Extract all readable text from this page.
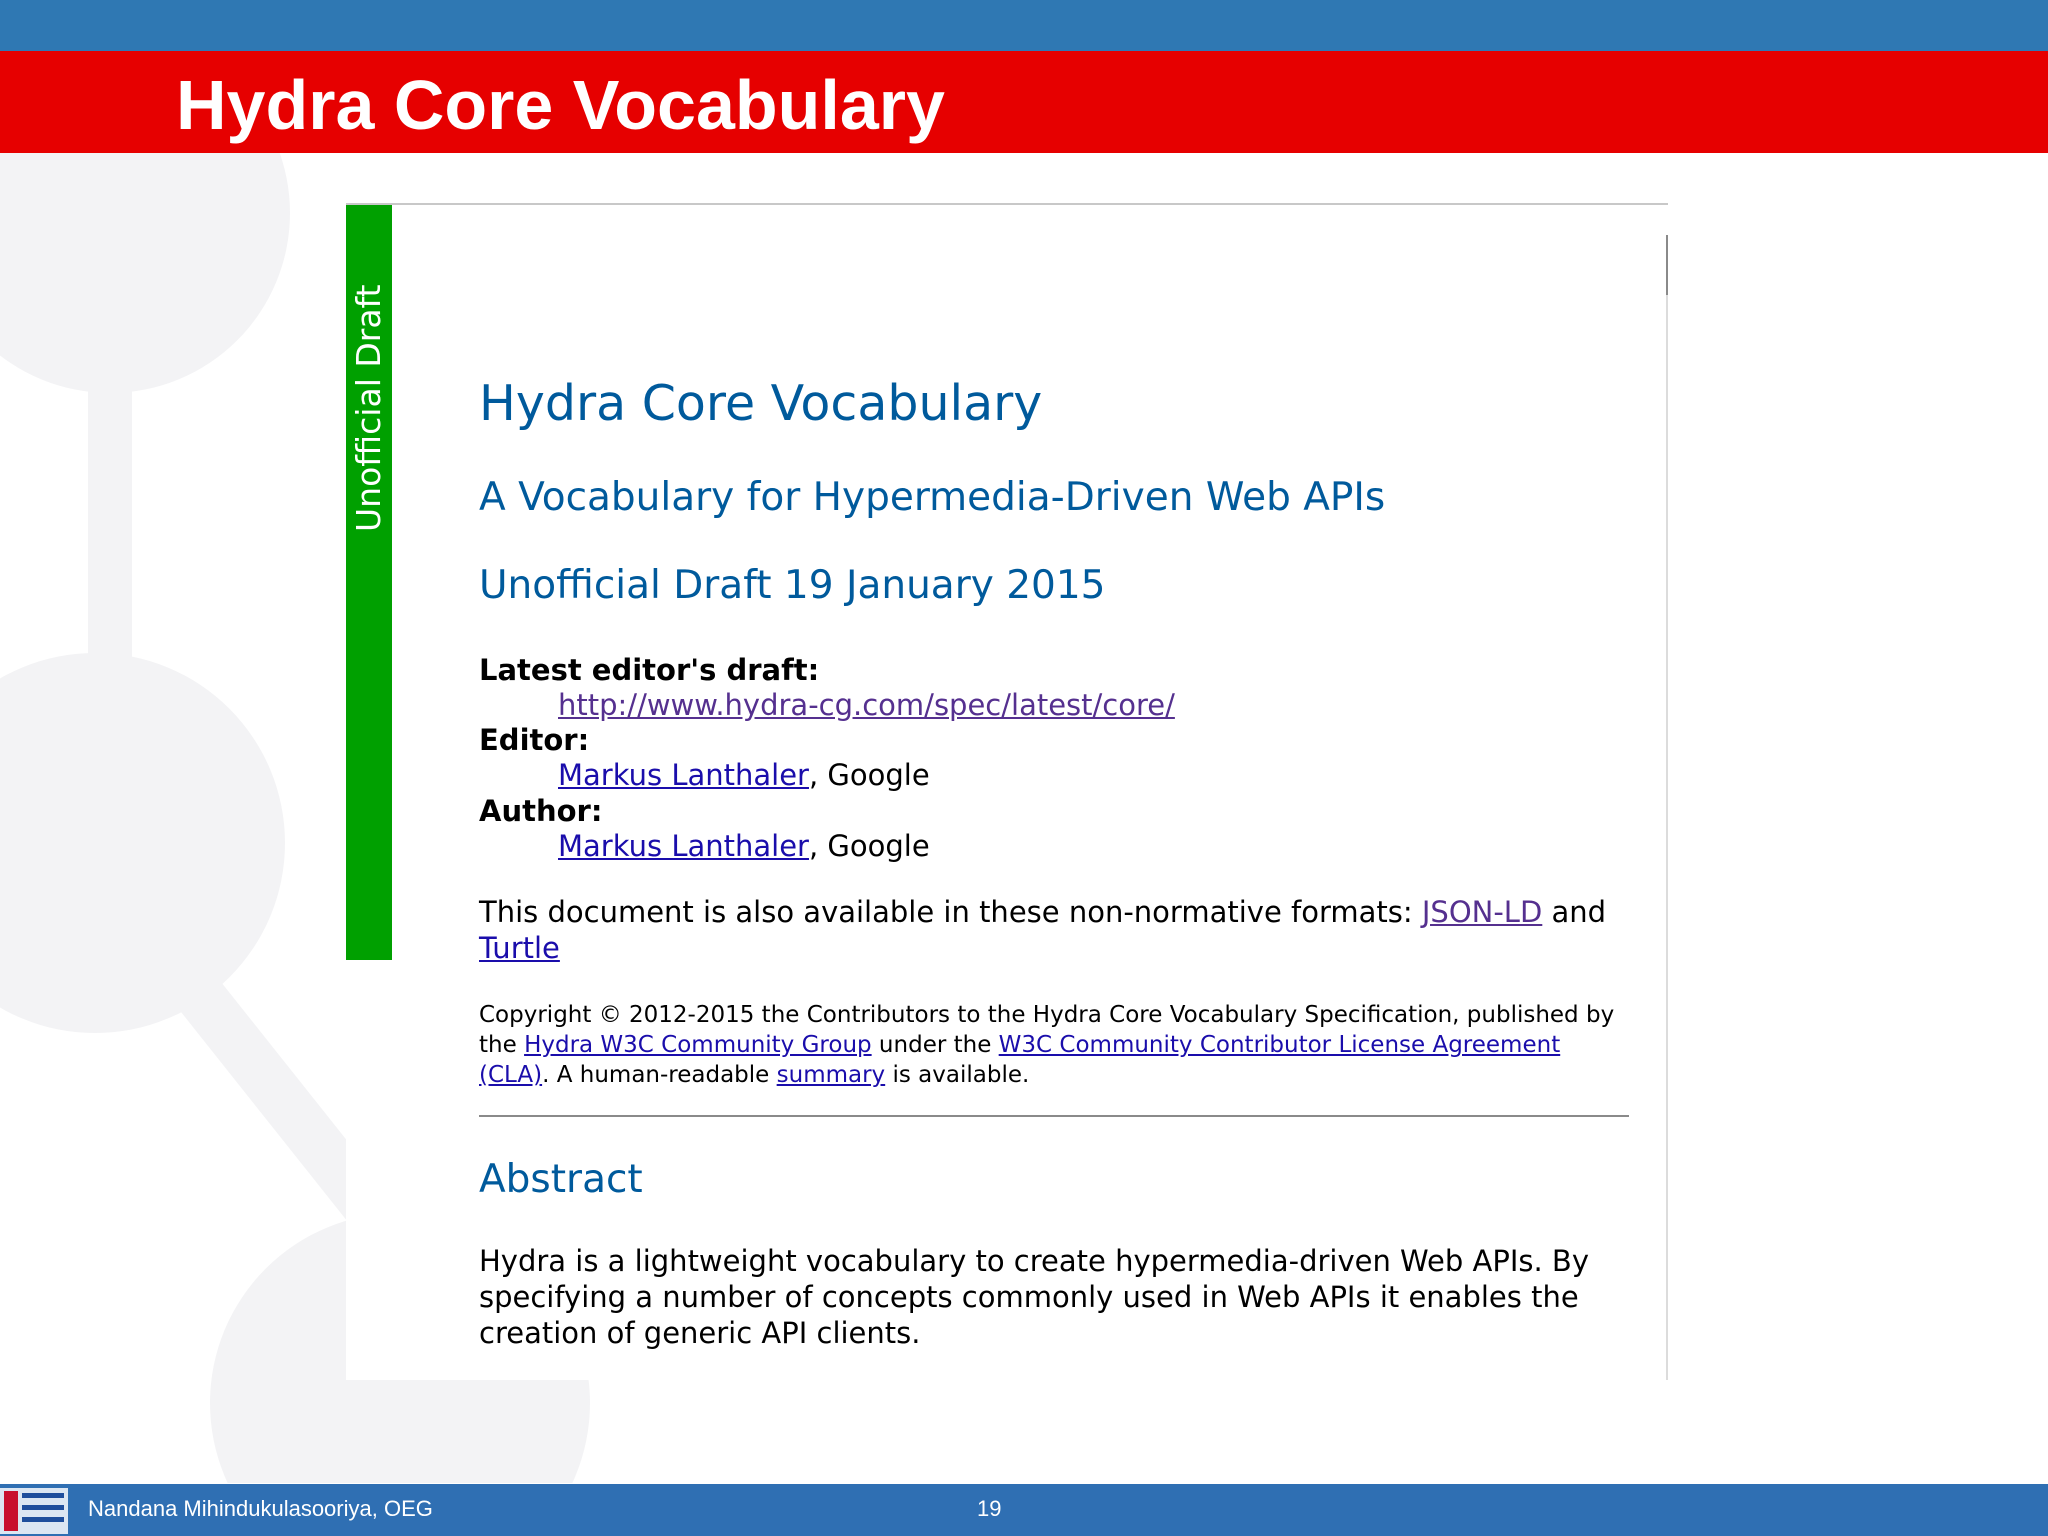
Hydra Core Vocabulary
Unofficial Draft Hydra Core Vocabulary
A Vocabulary for Hypermedia-Driven Web APIs
Unofficial Draft 19 January 2015

Latest editor's draft:

http://www.hydra-cg.com/spec/latest/core/

Editor:

Markus Lanthaler, Google

Author:

Markus Lanthaler, Google

This document is also available in these non-normative formats: JSON-LD and
Turtle

Copyright © 2012-2015 the Contributors to the Hydra Core Vocabulary Specification, published by
the Hydra W3C Community Group under the W3C Community Contributor License Agreement
(CLA). A human-readable summary is available.

Abstract

Hydra is a lightweight vocabulary to create hypermedia-driven Web APIs. By specifying a number of concepts commonly used in Web APIs it enables the creation of generic API clients.

Nandana Mihindukulasooriya, OEG	19
